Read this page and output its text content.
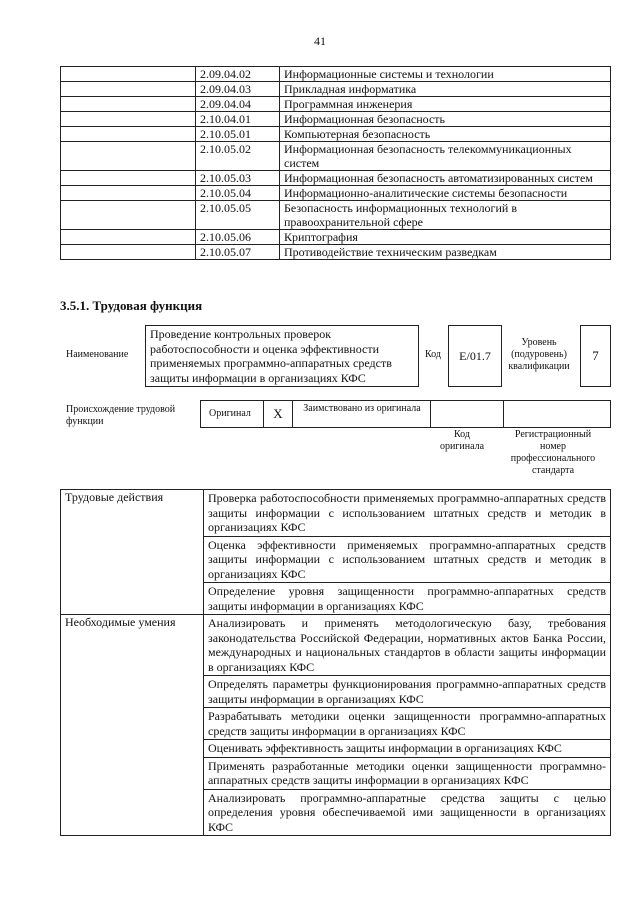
41
	2.09.04.02	Информационные системы и технологии
	2.09.04.03	Прикладная информатика
	2.09.04.04	Программная инженерия
	2.10.04.01	Информационная безопасность
	2.10.05.01	Компьютерная безопасность
	2.10.05.02	Информационная безопасность телекоммуникационных систем
	2.10.05.03	Информационная безопасность автоматизированных систем
	2.10.05.04	Информационно-аналитические системы безопасности
	2.10.05.05	Безопасность информационных технологий в правоохранительной сфере
	2.10.05.06	Криптография
	2.10.05.07	Противодействие техническим разведкам
3.5.1. Трудовая функция
Наименование
Проведение контрольных проверок работоспособности и оценка эффективности применяемых программно-аппаратных средств защиты информации в организациях КФС
Код	E/01.7
Уровень (подуровень) квалификации
7
Происхождение трудовой функции
Оригинал	X	Заимствовано из оригинала
Код оригинала
Регистрационный номер профессионального стандарта
Трудовые действия	Проверка работоспособности применяемых программно-аппаратных средств защиты информации с использованием штатных средств и методик в организациях КФС
	Оценка эффективности применяемых программно-аппаратных средств защиты информации с использованием штатных средств и методик в организациях КФС
	Определение уровня защищенности программно-аппаратных средств защиты информации в организациях КФС
Необходимые умения	Анализировать и применять методологическую базу, требования законодательства Российской Федерации, нормативных актов Банка России, международных и национальных стандартов в области защиты информации в организациях КФС
	Определять параметры функционирования программно-аппаратных средств защиты информации в организациях КФС
	Разрабатывать методики оценки защищенности программно-аппаратных средств защиты информации в организациях КФС
	Оценивать эффективность защиты информации в организациях КФС
	Применять разработанные методики оценки защищенности программно-аппаратных средств защиты информации в организациях КФС
	Анализировать программно-аппаратные средства защиты с целью определения уровня обеспечиваемой ими защищенности в организациях КФС
